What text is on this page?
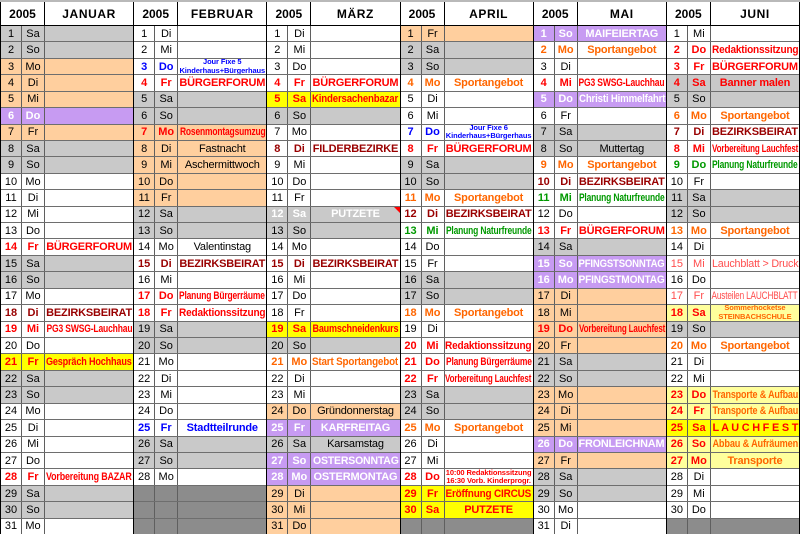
2005	JANUAR
1	Sa
2	So
3	Mo
4	Di
5	Mi
6	Do
7	Fr
8	Sa
9	So
10 Mo
11	Di
12 Mi
13 Do
14 Fr BÜRGERFORUM
15 Sa
16 So
17 Mo
18 Di BEZIRKSBEIRAT
19 Mi PG3 SWSG-Lauchhau
20 Do
21 Fr Gespräch Hochhaus
22 Sa
23 So
24 Mo
25 Di
26 Mi
27 Do
28 Fr Vorbereitung BAZAR
29 Sa
30 So
31 Mo
2005	FEBRUAR
1	Di
2	Mi
3	Do	Jour Fixe 5
Kinderhaus+Bürgerhaus
4	Fr BÜRGERFORUM
5	Sa
6	So
7 Mo Rosenmontagsumzug
8	Di	Fastnacht
9	Mi	Aschermittwoch
10 Do
11	Fr
12 Sa
13 So
14 Mo	Valentinstag
15 Di BEZIRKSBEIRAT
16 Mi
17 Do Planung Bürgerräume
18 Fr Redaktionssitzung
19 Sa
20 So
21 Mo
22 Di
23 Mi
24 Do
25 Fr	Stadtteilrunde
26 Sa
27 So
28 Mo
2005	MÄRZ
1	Di
2	Mi
3	Do
4	Fr BÜRGERFORUM
5	Sa Kindersachenbazar
6	So
7	Mo
8	Di FILDERBEZIRKE
9	Mi
10 Do
11	Fr
12 Sa	PUTZETE
13 So
14 Mo
15 Di BEZIRKSBEIRAT
16 Mi
17 Do
18 Fr
19 Sa Baumschneidenkurs
20 So
21 Mo Start Sportangebot
22 Di
23 Mi
24 Do Gründonnerstag
25 Fr	KARFREITAG
26 Sa	Karsamstag
27 So OSTERSONNTAG
28 Mo OSTERMONTAG
29 Di
30 Mi
31 Do
2005	APRIL
1	Fr
2	Sa
3	So
4 Mo	Sportangebot
5	Di
6	Mi
7	Do	Jour Fixe 6
Kinderhaus+Bürgerhaus
8	Fr BÜRGERFORUM
9	Sa
10 So
11 Mo	Sportangebot
12 Di BEZIRKSBEIRAT
13 Mi Planung Naturfreunde
14 Do
15 Fr
16 Sa
17 So
18 Mo	Sportangebot
19 Di
20 Mi Redaktionssitzung
21 Do Planung Bürgerräume
22 Fr Vorbereitung Lauchfest
23 Sa
24 So
25 Mo	Sportangebot
26 Di
27 Mi
28 Do 10:00 Redaktionssitzung
16:30 Vorb. Kinderprogr.
29 Fr Eröffnung CIRCUS
30 Sa	PUTZETE
2005	MAI
1	So	MAIFEIERTAG
2 Mo	Sportangebot
3	Di
4	Mi PG3 SWSG-Lauchhau
5	Do Christi Himmelfahrt
6	Fr
7	Sa
8	So	Muttertag
9 Mo	Sportangebot
10 Di BEZIRKSBEIRAT
11 Mi Planung Naturfreunde
12 Do
13 Fr BÜRGERFORUM
14 Sa
15 So PFINGSTSONNTAG
16 Mo PFINGSTMONTAG
17 Di
18 Mi
19 Do Vorbereitung Lauchfest
20 Fr
21 Sa
22 So
23 Mo
24 Di
25 Mi
26 Do FRONLEICHNAM
27 Fr
28 Sa
29 So
30 Mo
31 Di
2005	JUNI
1	Mi
2	Do Redaktionssitzung
3	Fr BÜRGERFORUM
4	Sa	Banner malen
5	So
6 Mo	Sportangebot
7	Di BEZIRKSBEIRAT
8	Mi Vorbereitung Lauchfest
9	Do Planung Naturfreunde
10 Fr
11 Sa
12 So
13 Mo	Sportangebot
14 Di
15 Mi Lauchblatt > Druck
16 Do
17 Fr Austeilen LAUCHBLATT
18 Sa	Sommerhocketse
STEINBACHSCHULE
19 So
20 Mo	Sportangebot
21 Di
22 Mi
23 Do Transporte & Aufbau
24 Fr Transporte & Aufbau
25 Sa L A U C H F E S T
26 So Abbau & Aufräumen
27 Mo	Transporte
28 Di
29 Mi
30 Do
